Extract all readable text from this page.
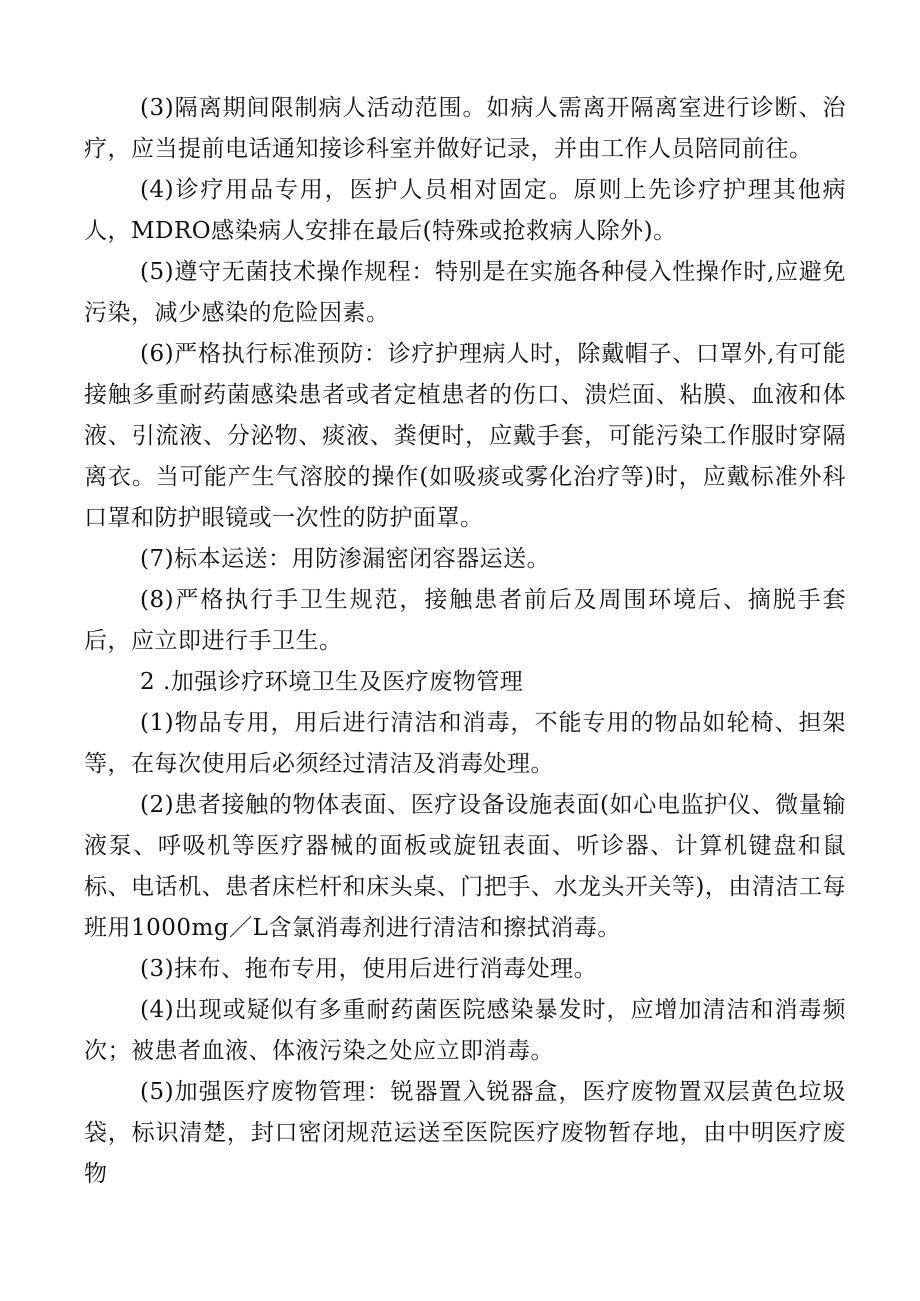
(3)隔离期间限制病人活动范围。如病人需离开隔离室进行诊断、治疗，应当提前电话通知接诊科室并做好记录，并由工作人员陪同前往。

(4)诊疗用品专用，医护人员相对固定。原则上先诊疗护理其他病人，MDRO感染病人安排在最后(特殊或抢救病人除外)。

(5)遵守无菌技术操作规程：特别是在实施各种侵入性操作时,应避免污染，减少感染的危险因素。

(6)严格执行标准预防：诊疗护理病人时，除戴帽子、口罩外,有可能接触多重耐药菌感染患者或者定植患者的伤口、溃烂面、粘膜、血液和体液、引流液、分泌物、痰液、粪便时，应戴手套，可能污染工作服时穿隔离衣。当可能产生气溶胶的操作(如吸痰或雾化治疗等)时，应戴标准外科口罩和防护眼镜或一次性的防护面罩。

(7)标本运送：用防渗漏密闭容器运送。

(8)严格执行手卫生规范，接触患者前后及周围环境后、摘脱手套后，应立即进行手卫生。

2 .加强诊疗环境卫生及医疗废物管理

(1)物品专用，用后进行清洁和消毒，不能专用的物品如轮椅、担架等，在每次使用后必须经过清洁及消毒处理。

(2)患者接触的物体表面、医疗设备设施表面(如心电监护仪、微量输液泵、呼吸机等医疗器械的面板或旋钮表面、听诊器、计算机键盘和鼠标、电话机、患者床栏杆和床头桌、门把手、水龙头开关等)，由清洁工每班用1000mg／L含氯消毒剂进行清洁和擦拭消毒。

(3)抹布、拖布专用，使用后进行消毒处理。

(4)出现或疑似有多重耐药菌医院感染暴发时，应增加清洁和消毒频次；被患者血液、体液污染之处应立即消毒。

(5)加强医疗废物管理：锐器置入锐器盒，医疗废物置双层黄色垃圾袋，标识清楚，封口密闭规范运送至医院医疗废物暂存地，由中明医疗废物
